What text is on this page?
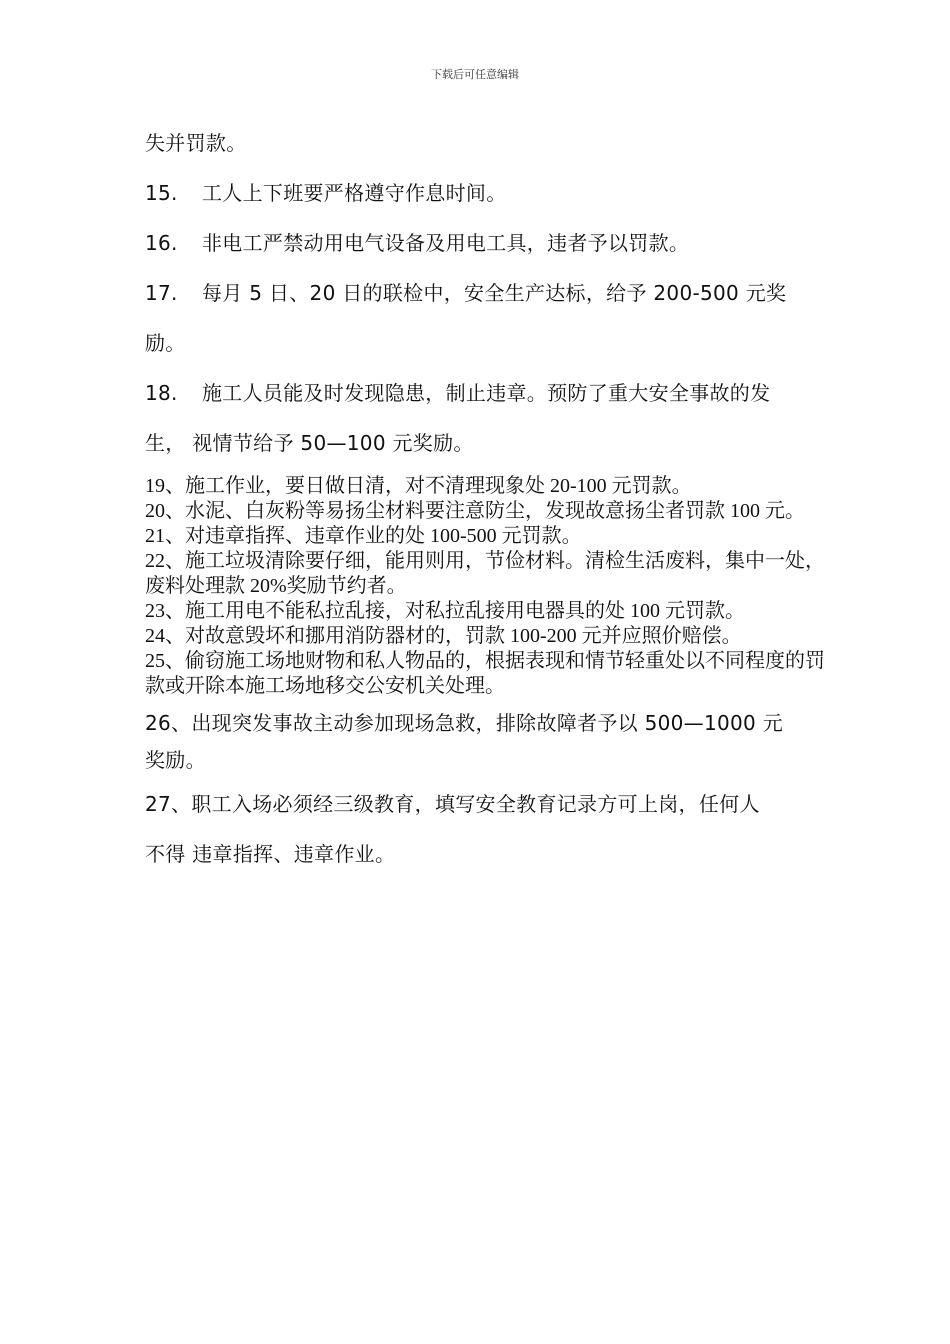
下载后可任意编辑

失并罚款。

15. 工人上下班要严格遵守作息时间。

16. 非电工严禁动用电气设备及用电工具，违者予以罚款。

17. 每月 5 日、20 日的联检中，安全生产达标，给予 200-500 元奖

励。

18. 施工人员能及时发现隐患，制止违章。预防了重大安全事故的发

生， 视情节给予 50—100 元奖励。

19、施工作业，要日做日清，对不清理现象处 20-100 元罚款。

20、水泥、白灰粉等易扬尘材料要注意防尘，发现故意扬尘者罚款 100 元。

21、对违章指挥、违章作业的处 100-500 元罚款。

22、施工垃圾清除要仔细，能用则用，节俭材料。清检生活废料，集中一处，废料处理款 20%奖励节约者。

23、施工用电不能私拉乱接，对私拉乱接用电器具的处 100 元罚款。

24、对故意毁坏和挪用消防器材的，罚款 100-200 元并应照价赔偿。

25、偷窃施工场地财物和私人物品的，根据表现和情节轻重处以不同程度的罚款或开除本施工场地移交公安机关处理。

26、出现突发事故主动参加现场急救，排除故障者予以 500—1000 元

奖励。

27、职工入场必须经三级教育，填写安全教育记录方可上岗，任何人

不得 违章指挥、违章作业。
